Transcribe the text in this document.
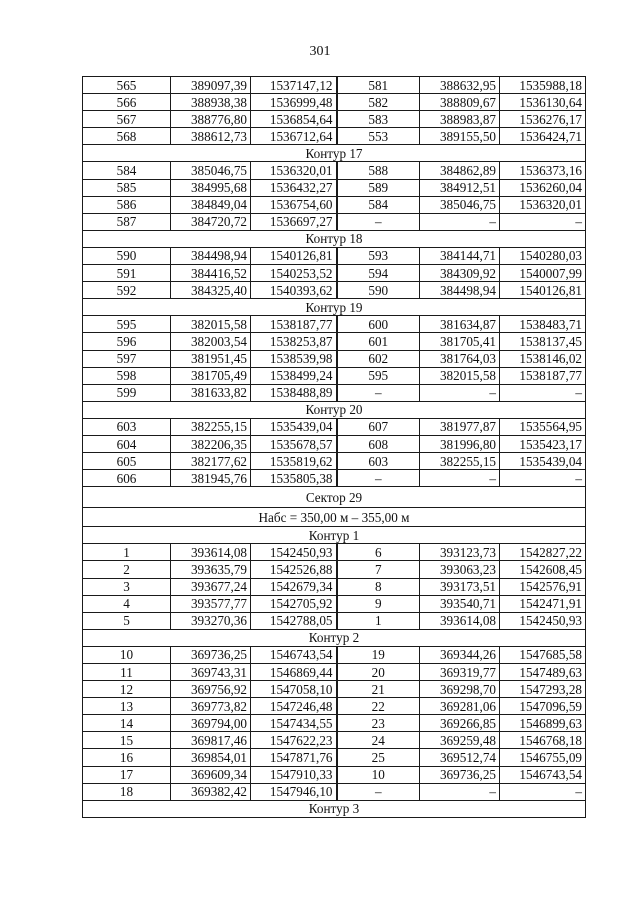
301
565	389097,39	1537147,12	581	388632,95	1535988,18
566	388938,38	1536999,48	582	388809,67	1536130,64
567	388776,80	1536854,64	583	388983,87	1536276,17
568	388612,73	1536712,64	553	389155,50	1536424,71
Контур 17					
584	385046,75	1536320,01	588	384862,89	1536373,16
585	384995,68	1536432,27	589	384912,51	1536260,04
586	384849,04	1536754,60	584	385046,75	1536320,01
587	384720,72	1536697,27	–	–	–
Контур 18					
590	384498,94	1540126,81	593	384144,71	1540280,03
591	384416,52	1540253,52	594	384309,92	1540007,99
592	384325,40	1540393,62	590	384498,94	1540126,81
Контур 19					
595	382015,58	1538187,77	600	381634,87	1538483,71
596	382003,54	1538253,87	601	381705,41	1538137,45
597	381951,45	1538539,98	602	381764,03	1538146,02
598	381705,49	1538499,24	595	382015,58	1538187,77
599	381633,82	1538488,89	–	–	–
Контур 20					
603	382255,15	1535439,04	607	381977,87	1535564,95
604	382206,35	1535678,57	608	381996,80	1535423,17
605	382177,62	1535819,62	603	382255,15	1535439,04
606	381945,76	1535805,38	–	–	–
Сектор 29					
Набс = 350,00 м – 355,00 м					
Контур 1					
1	393614,08	1542450,93	6	393123,73	1542827,22
2	393635,79	1542526,88	7	393063,23	1542608,45
3	393677,24	1542679,34	8	393173,51	1542576,91
4	393577,77	1542705,92	9	393540,71	1542471,91
5	393270,36	1542788,05	1	393614,08	1542450,93
Контур 2					
10	369736,25	1546743,54	19	369344,26	1547685,58
11	369743,31	1546869,44	20	369319,77	1547489,63
12	369756,92	1547058,10	21	369298,70	1547293,28
13	369773,82	1547246,48	22	369281,06	1547096,59
14	369794,00	1547434,55	23	369266,85	1546899,63
15	369817,46	1547622,23	24	369259,48	1546768,18
16	369854,01	1547871,76	25	369512,74	1546755,09
17	369609,34	1547910,33	10	369736,25	1546743,54
18	369382,42	1547946,10	–	–	–
Контур 3					
